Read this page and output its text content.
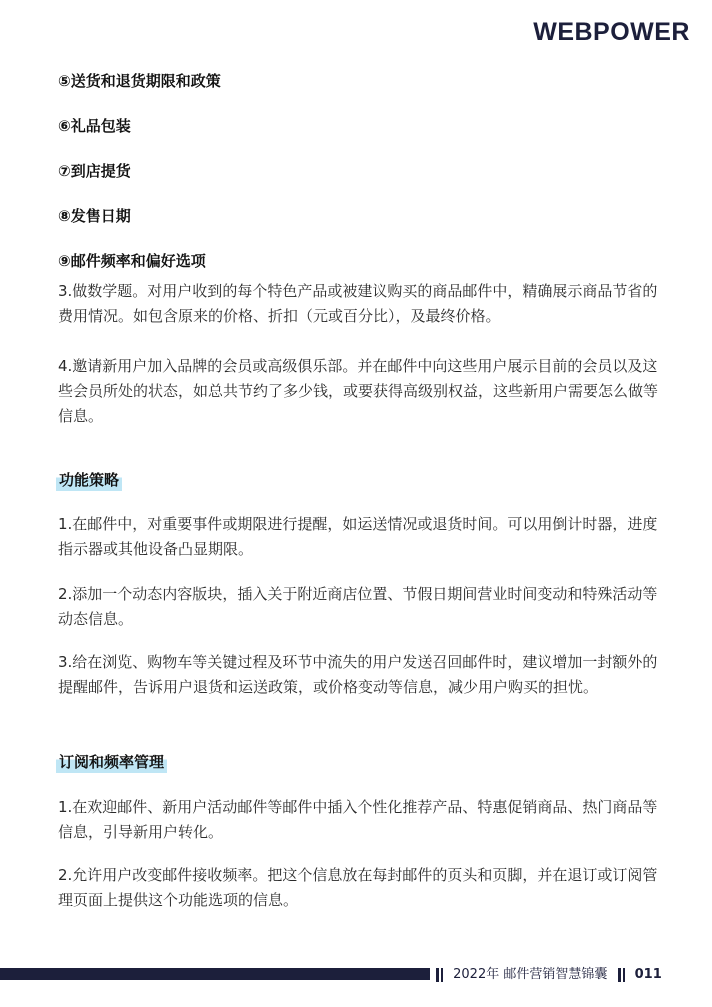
WEBPOWER
⑤送货和退货期限和政策
⑥礼品包装
⑦到店提货
⑧发售日期
⑨邮件频率和偏好选项

3.做数学题。对用户收到的每个特色产品或被建议购买的商品邮件中，精确展示商品节省的费用情况。如包含原来的价格、折扣（元或百分比），及最终价格。

4.邀请新用户加入品牌的会员或高级俱乐部。并在邮件中向这些用户展示目前的会员以及这些会员所处的状态，如总共节约了多少钱，或要获得高级别权益，这些新用户需要怎么做等信息。

功能策略

1.在邮件中，对重要事件或期限进行提醒，如运送情况或退货时间。可以用倒计时器，进度指示器或其他设备凸显期限。

2.添加一个动态内容版块，插入关于附近商店位置、节假日期间营业时间变动和特殊活动等动态信息。

3.给在浏览、购物车等关键过程及环节中流失的用户发送召回邮件时，建议增加一封额外的提醒邮件，告诉用户退货和运送政策，或价格变动等信息，减少用户购买的担忧。

订阅和频率管理

1.在欢迎邮件、新用户活动邮件等邮件中插入个性化推荐产品、特惠促销商品、热门商品等信息，引导新用户转化。

2.允许用户改变邮件接收频率。把这个信息放在每封邮件的页头和页脚，并在退订或订阅管理页面上提供这个功能选项的信息。

2022年 邮件营销智慧锦囊 011
